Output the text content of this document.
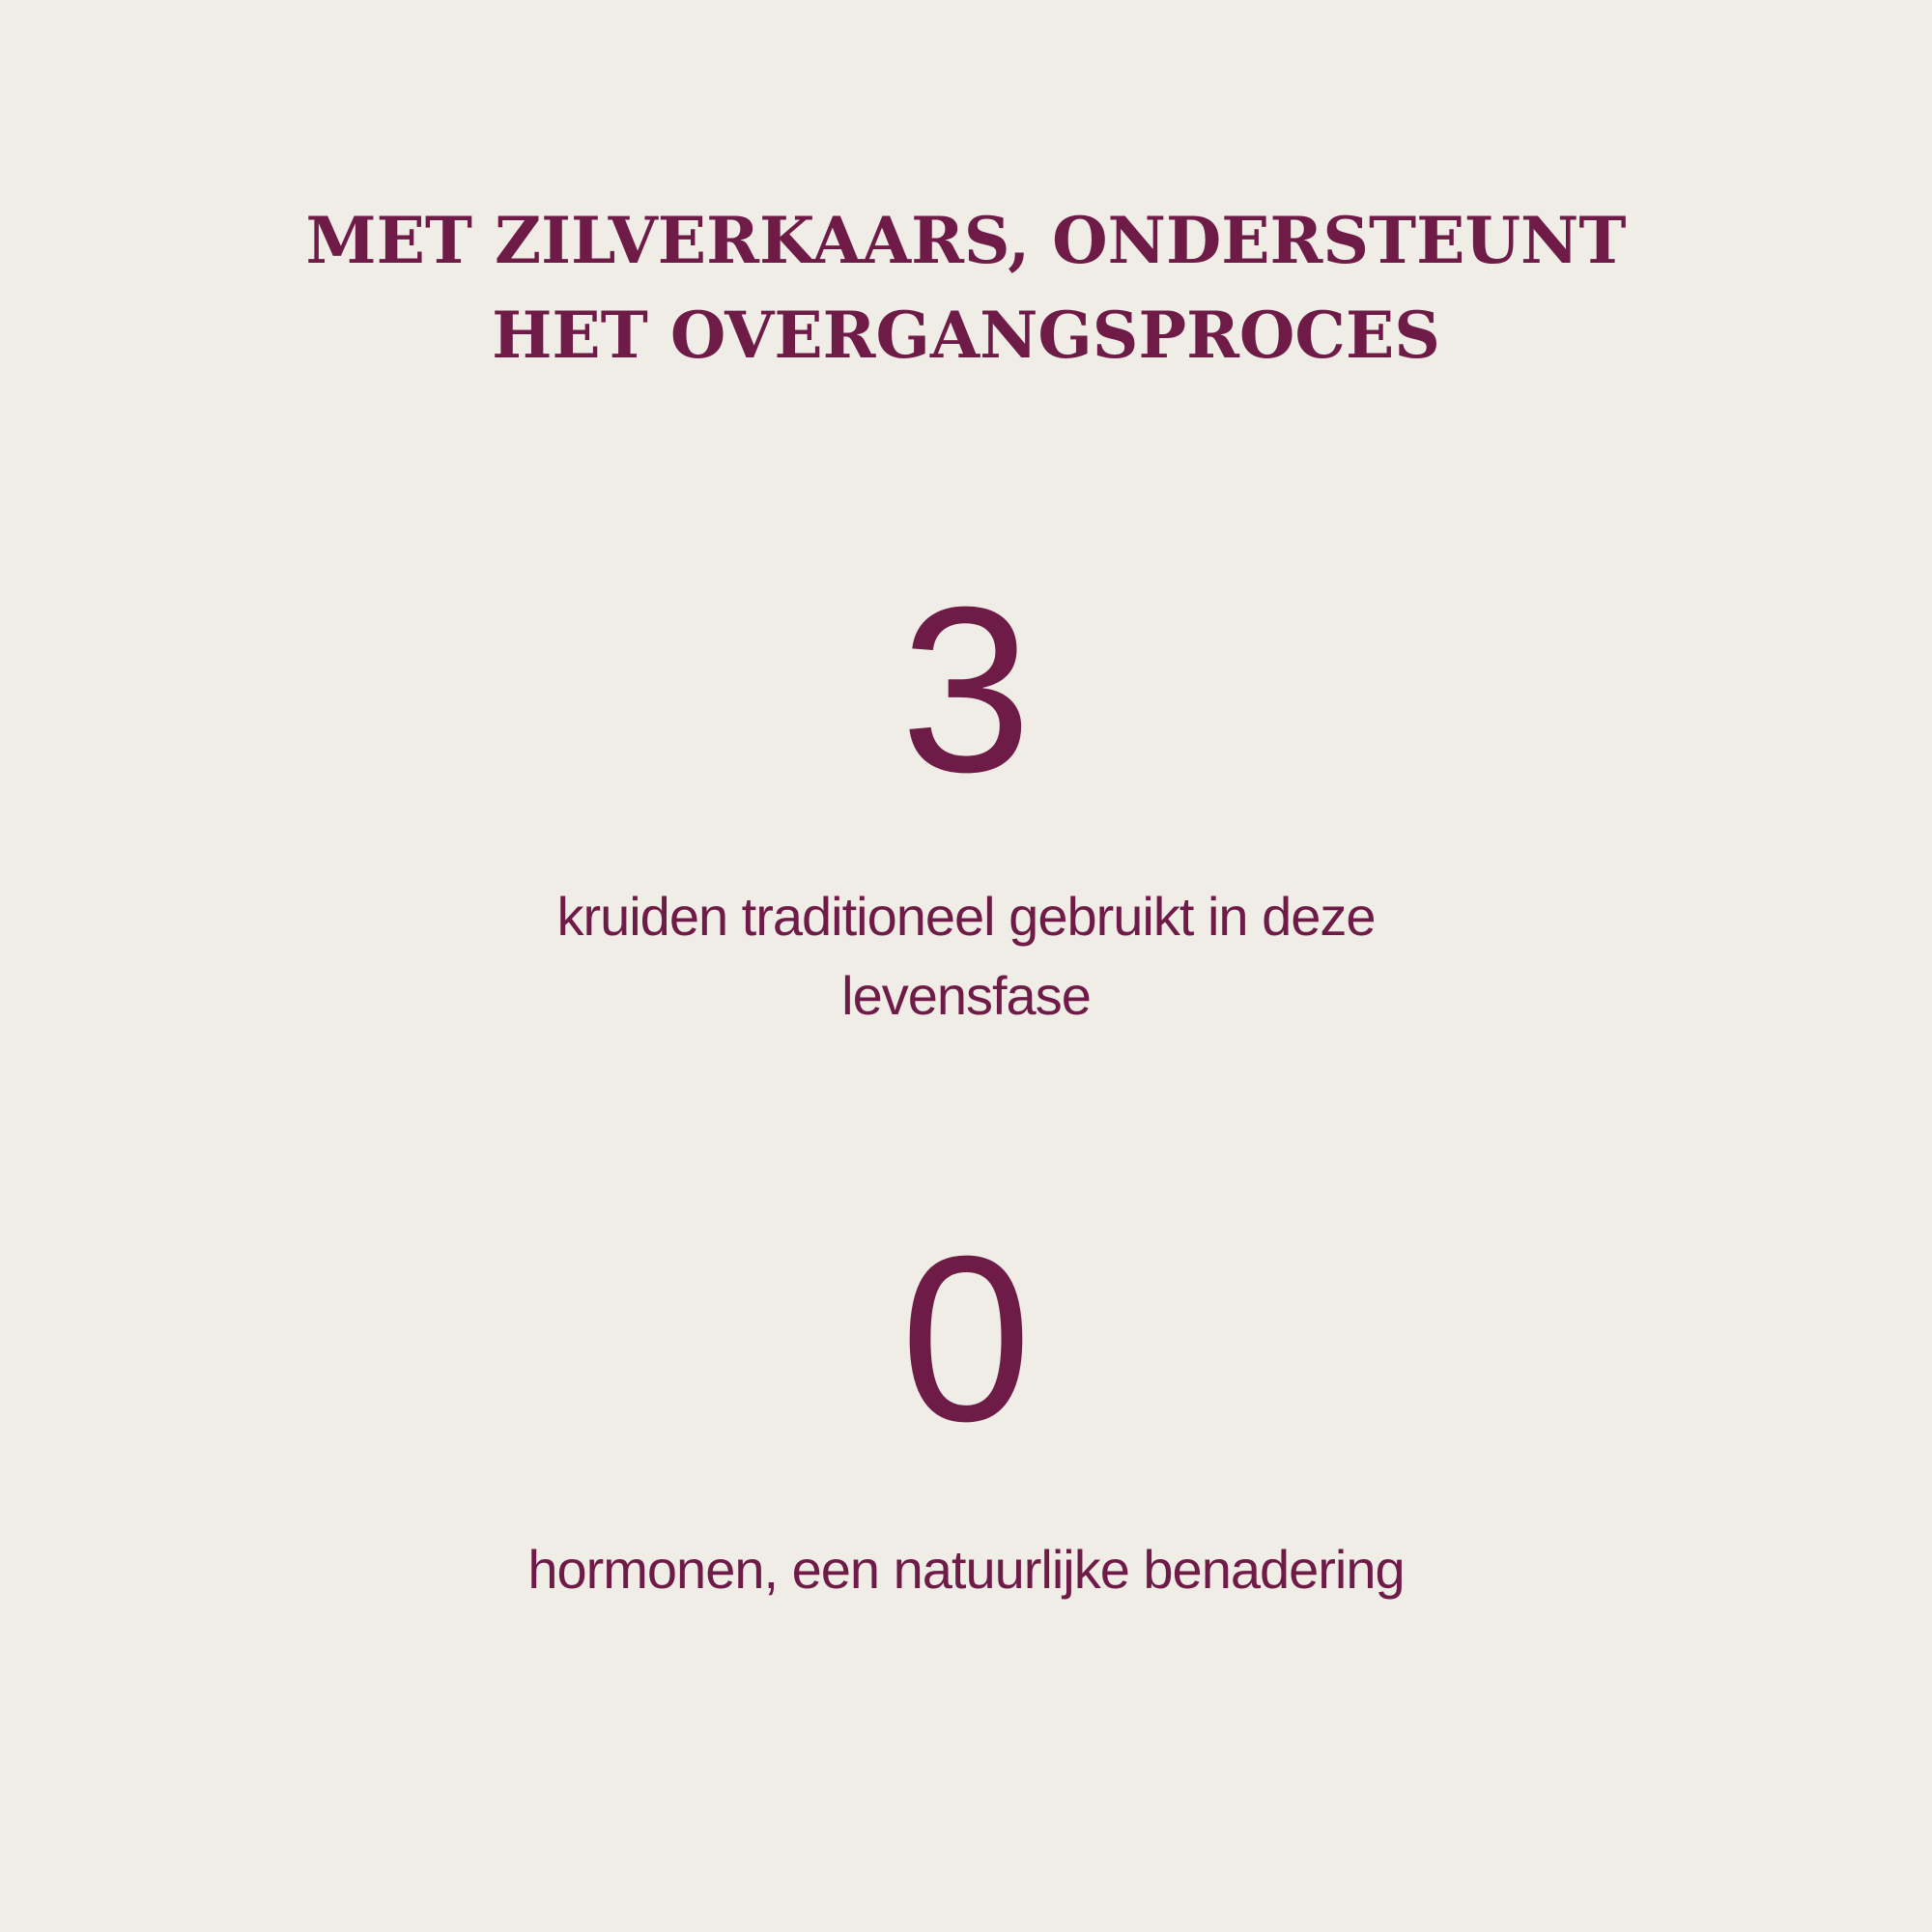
MET ZILVERKAARS, ONDERSTEUNT HET OVERGANGSPROCES
3

kruiden traditioneel gebruikt in deze levensfase

0

hormonen, een natuurlijke benadering
